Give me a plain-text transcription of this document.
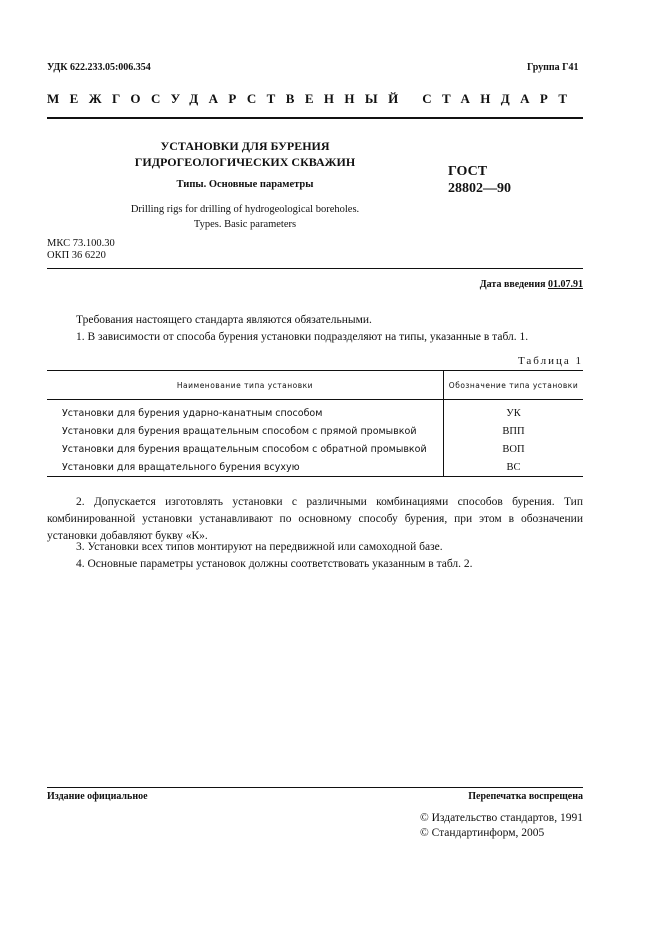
УДК 622.233.05:006.354	Группа Г41
МЕЖГОСУДАРСТВЕННЫЙ СТАНДАРТ
УСТАНОВКИ ДЛЯ БУРЕНИЯ
ГИДРОГЕОЛОГИЧЕСКИХ СКВАЖИН
Типы. Основные параметры
Drilling rigs for drilling of hydrogeological boreholes.
Types. Basic parameters
ГОСТ
28802—90
МКС 73.100.30
ОКП 36 6220
Дата введения 01.07.91
Требования настоящего стандарта являются обязательными.
1. В зависимости от способа бурения установки подразделяют на типы, указанные в табл. 1.
Таблица 1
Наименование типа установки	Обозначение типа установки
Установки для бурения ударно-канатным способом	УК
Установки для бурения вращательным способом с прямой промывкой	ВПП
Установки для бурения вращательным способом с обратной промывкой	ВОП
Установки для вращательного бурения всухую	ВС
2. Допускается изготовлять установки с различными комбинациями способов бурения. Тип комбинированной установки устанавливают по основному способу бурения, при этом в обозначении установки добавляют букву «К».
3. Установки всех типов монтируют на передвижной или самоходной базе.
4. Основные параметры установок должны соответствовать указанным в табл. 2.
Издание официальное	Перепечатка воспрещена
© Издательство стандартов, 1991
© Стандартинформ, 2005
